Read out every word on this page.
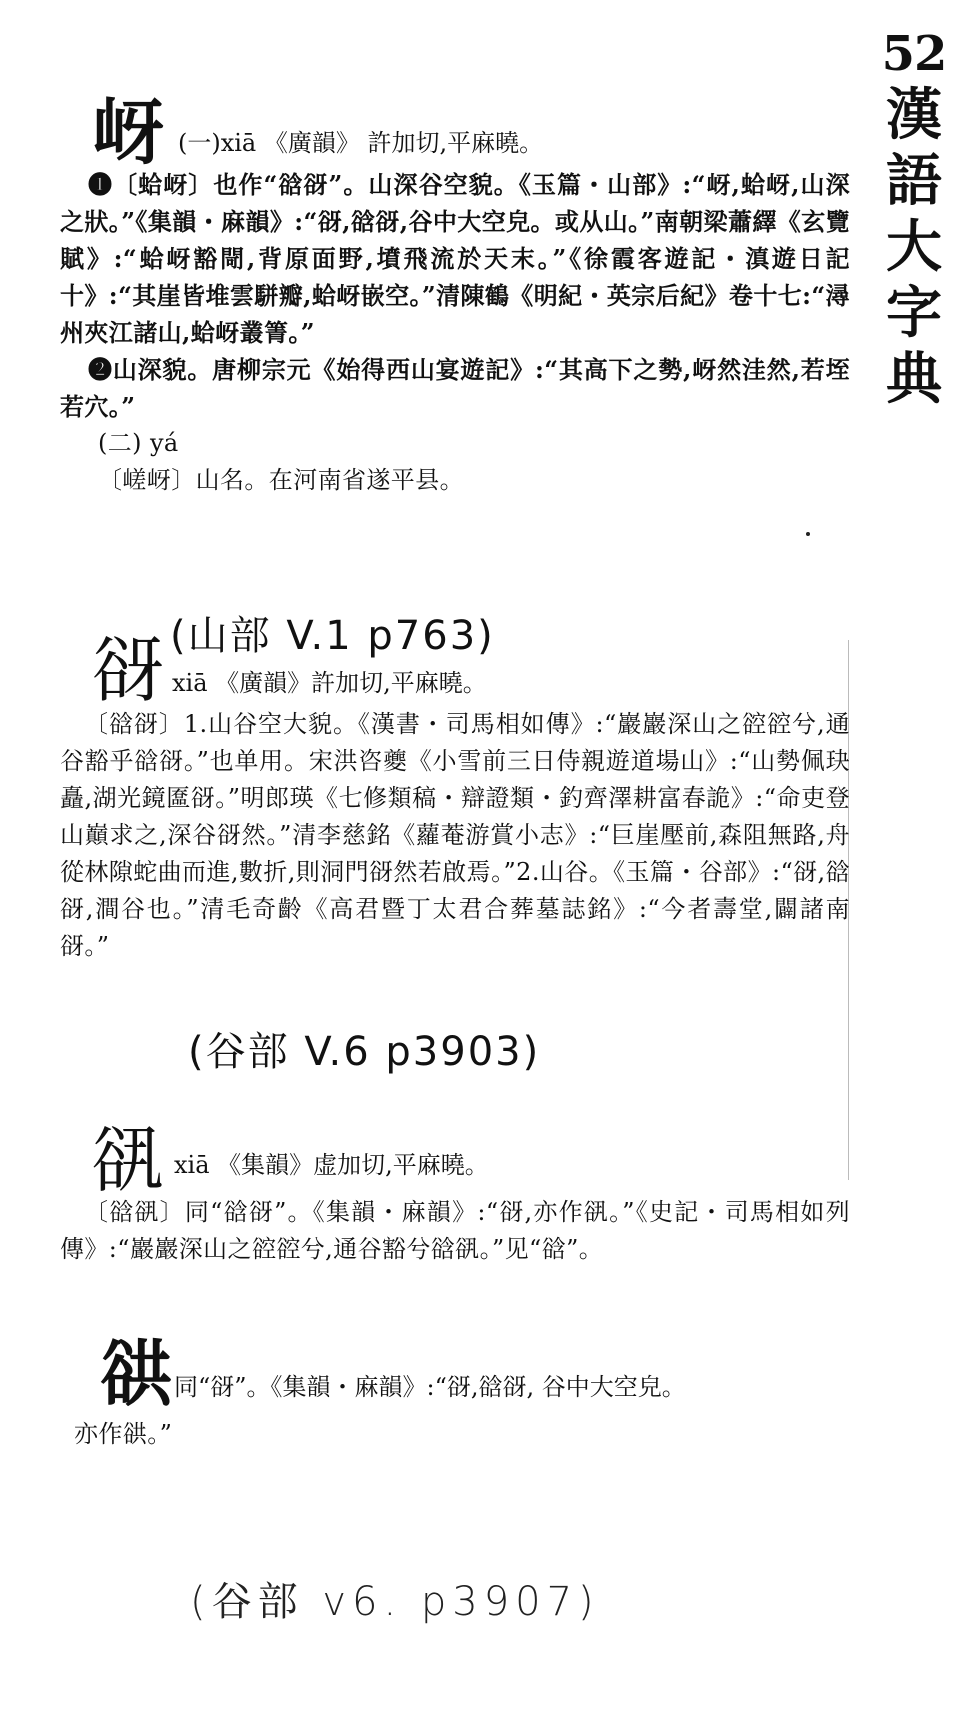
52
漢
語
大
字
典
岈 (一)xiā 《廣韻》 許加切,平麻曉。

❶〔蛤岈〕也作“谽谺”。山深谷空貌。《玉篇・山部》:“岈,蛤岈,山深之狀。”《集韻・麻韻》:“谺,谽谺,谷中大空皃。或从山。”南朝梁蕭繹《玄覽賦》:“蛤岈豁閜,背原面野,墳飛流於天末。”《徐霞客遊記・滇遊日記十》:“其崖皆堆雲駢瓣,蛤岈嵌空。”清陳鶴《明紀・英宗后紀》卷十七:“潯州夾江諸山,蛤岈叢箐。”

❷山深貌。唐柳宗元《始得西山宴遊記》:“其高下之勢,岈然洼然,若垤若穴。”

(二) yá

〔嵯岈〕山名。在河南省遂平县。

(山部 V.1 p763)
谺 xiā 《廣韻》許加切,平麻曉。

〔谽谺〕1.山谷空大貌。《漢書・司馬相如傳》:“巖巖深山之谾谾兮,通谷豁乎谽谺。”也单用。宋洪咨夔《小雪前三日侍親遊道場山》:“山勢佩玦矗,湖光鏡匲谺。”明郎瑛《七修類稿・辯證類・釣齊澤耕富春詭》:“命吏登山巔求之,深谷谺然。”清李慈銘《蘿菴游賞小志》:“巨崖壓前,森阻無路,舟從林隙蛇曲而進,數折,則洞門谺然若啟焉。”2.山谷。《玉篇・谷部》:“谺,谽谺,澗谷也。”清毛奇齡《高君暨丁太君合葬墓誌銘》:“今者壽堂,闢諸南谺。”

(谷部 V.6 p3903)
谻 xiā 《集韻》虚加切,平麻曉。

〔谽谻〕同“谽谺”。《集韻・麻韻》:“谺,亦作谻。”《史記・司馬相如列傳》:“巖巖深山之谾谾兮,通谷豁兮谽谻。”见“谽”。

谼 同“谺”。《集韻・麻韻》:“谺,谽谺, 谷中大空皃。

亦作谼。”

(谷部 v6. p3907)
